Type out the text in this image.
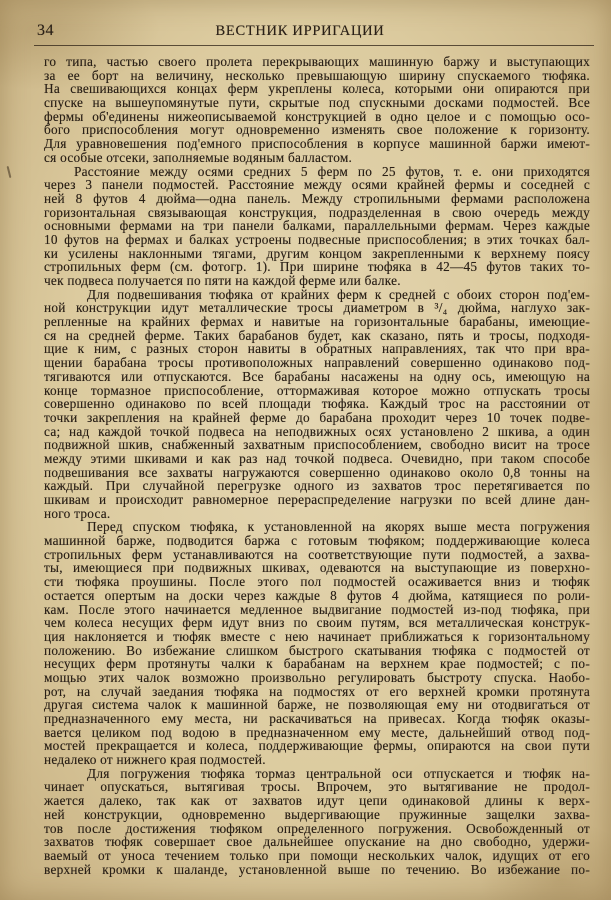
34	ВЕСТНИК ИРРИГАЦИИ
го типа, частью своего пролета перекрывающих машинную баржу и выступающих
за ее борт на величину, несколько превышающую ширину спускаемого тюфяка.
На свешивающихся концах ферм укреплены колеса, которыми они опираются при
спуске на вышеупомянутые пути, скрытые под спускными досками подмостей. Все
фермы об'единены нижеописываемой конструкцией в одно целое и с помощью осо-
бого приспособления могут одновременно изменять свое положение к горизонту.
Для уравновешения под'емного приспособления в корпусе машинной баржи имеют-
ся особые отсеки, заполняемые водяным балластом.
Расстояние между осями средних 5 ферм по 25 футов, т. е. они приходятся
через 3 панели подмостей. Расстояние между осями крайней фермы и соседней с
ней 8 футов 4 дюйма—одна панель. Между стропильными фермами расположена
горизонтальная связывающая конструкция, подразделенная в свою очередь между
основными фермами на три панели балками, параллельными фермам. Через каждые
10 футов на фермах и балках устроены подвесные приспособления; в этих точках бал-
ки усилены наклонными тягами, другим концом закрепленными к верхнему поясу
стропильных ферм (см. фотогр. 1). При ширине тюфяка в 42—45 футов таких то-
чек подвеса получается по пяти на каждой ферме или балке.
Для подвешивания тюфяка от крайних ферм к средней с обоих сторон под'ем-
ной конструкции идут металлические тросы диаметром в ³/₄ дюйма, наглухо зак-
репленные на крайних фермах и навитые на горизонтальные барабаны, имеющие-
ся на средней ферме. Таких барабанов будет, как сказано, пять и тросы, подходя-
щие к ним, с разных сторон навиты в обратных направлениях, так что при вра-
щении барабана тросы противоположных направлений совершенно одинаково под-
тягиваются или отпускаются. Все барабаны насажены на одну ось, имеющую на
конце тормазное приспособление, оттормаживая которое можно отпускать тросы
совершенно одинаково по всей площади тюфяка. Каждый трос на расстоянии от
точки закрепления на крайней ферме до барабана проходит через 10 точек подве-
са; над каждой точкой подвеса на неподвижных осях установлено 2 шкива, а один
подвижной шкив, снабженный захватным приспособлением, свободно висит на тросе
между этими шкивами и как раз над точкой подвеса. Очевидно, при таком способе
подвешивания все захваты нагружаются совершенно одинаково около 0,8 тонны на
каждый. При случайной перегрузке одного из захватов трос перетягивается по
шкивам и происходит равномерное перераспределение нагрузки по всей длине дан-
ного троса.
Перед спуском тюфяка, к установленной на якорях выше места погружения
машинной барже, подводится баржа с готовым тюфяком; поддерживающие колеса
стропильных ферм устанавливаются на соответствующие пути подмостей, а захва-
ты, имеющиеся при подвижных шкивах, одеваются на выступающие из поверхно-
сти тюфяка проушины. После этого пол подмостей осаживается вниз и тюфяк
остается опертым на доски через каждые 8 футов 4 дюйма, катящиеся по роли-
кам. После этого начинается медленное выдвигание подмостей из-под тюфяка, при
чем колеса несущих ферм идут вниз по своим путям, вся металлическая конструк-
ция наклоняется и тюфяк вместе с нею начинает приближаться к горизонтальному
положению. Во избежание слишком быстрого скатывания тюфяка с подмостей от
несущих ферм протянуты чалки к барабанам на верхнем крае подмостей; с по-
мощью этих чалок возможно произвольно регулировать быстроту спуска. Наобо-
рот, на случай заедания тюфяка на подмостях от его верхней кромки протянута
другая система чалок к машинной барже, не позволяющая ему ни отодвигаться от
предназначенного ему места, ни раскачиваться на привесах. Когда тюфяк оказы-
вается целиком под водою в предназначенном ему месте, дальнейший отвод под-
мостей прекращается и колеса, поддерживающие фермы, опираются на свои пути
недалеко от нижнего края подмостей.
Для погружения тюфяка тормаз центральной оси отпускается и тюфяк на-
чинает опускаться, вытягивая тросы. Впрочем, это вытягивание не продол-
жается далеко, так как от захватов идут цепи одинаковой длины к верх-
ней конструкции, одновременно выдергивающие пружинные защелки захва-
тов после достижения тюфяком определенного погружения. Освобожденный от
захватов тюфяк совершает свое дальнейшее опускание на дно свободно, удержи-
ваемый от уноса течением только при помощи нескольких чалок, идущих от его
верхней кромки к шаланде, установленной выше по течению. Во избежание по-
